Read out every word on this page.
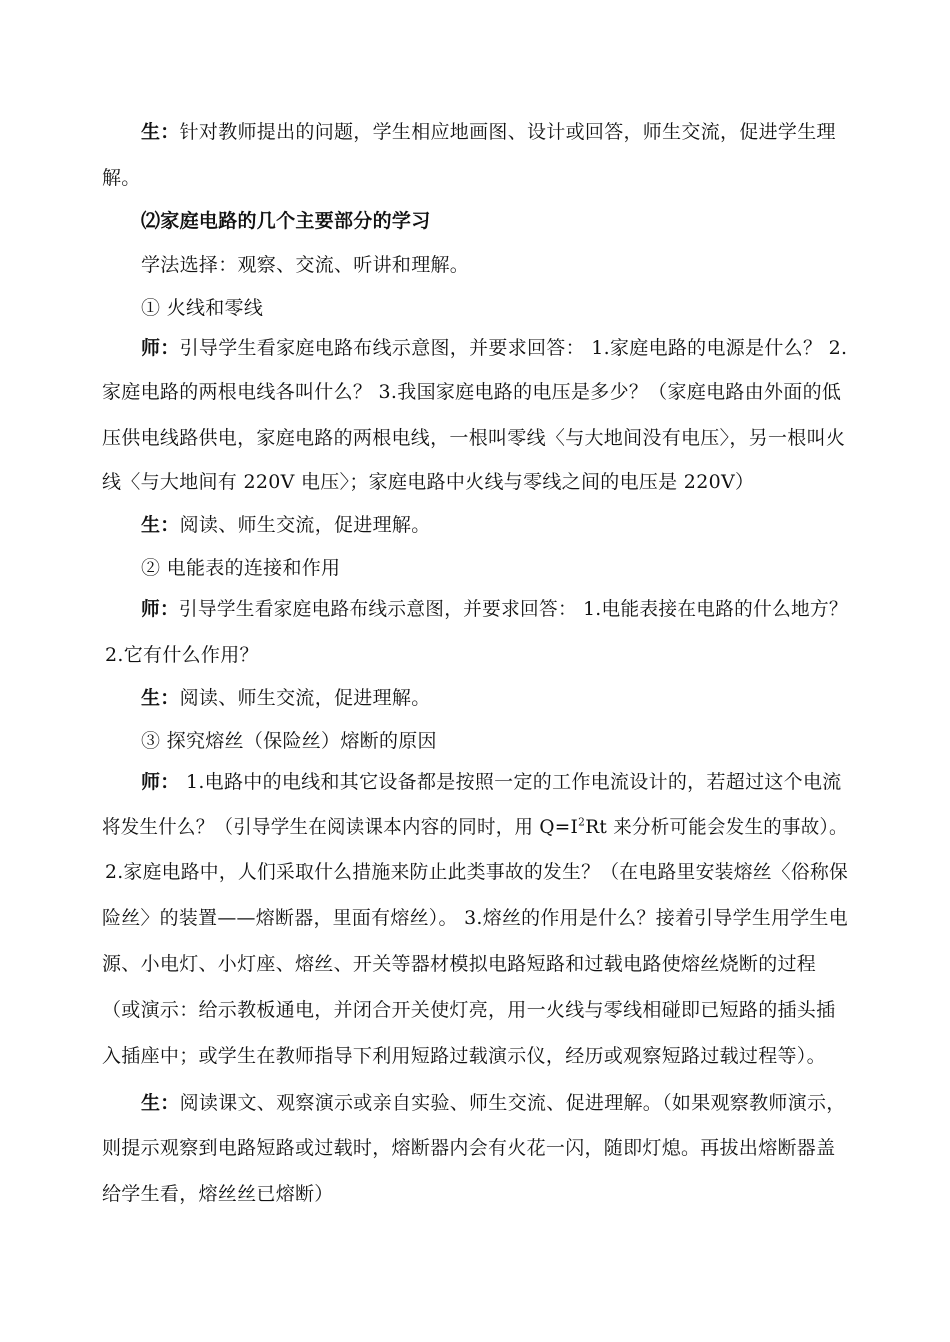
生：针对教师提出的问题，学生相应地画图、设计或回答，师生交流，促进学生理
解。
⑵家庭电路的几个主要部分的学习
学法选择：观察、交流、听讲和理解。
① 火线和零线
师：引导学生看家庭电路布线示意图，并要求回答： 1.家庭电路的电源是什么？ 2.
家庭电路的两根电线各叫什么？ 3.我国家庭电路的电压是多少？（家庭电路由外面的低
压供电线路供电，家庭电路的两根电线，一根叫零线〈与大地间没有电压〉，另一根叫火
线〈与大地间有 220V 电压〉；家庭电路中火线与零线之间的电压是 220V）
生：阅读、师生交流，促进理解。
② 电能表的连接和作用
师：引导学生看家庭电路布线示意图，并要求回答： 1.电能表接在电路的什么地方？
2.它有什么作用？
生：阅读、师生交流，促进理解。
③ 探究熔丝（保险丝）熔断的原因
师： 1.电路中的电线和其它设备都是按照一定的工作电流设计的，若超过这个电流
将发生什么？（引导学生在阅读课本内容的同时，用 $Q=I^2Rt$ 来分析可能会发生的事故）。
2.家庭电路中，人们采取什么措施来防止此类事故的发生？（在电路里安装熔丝〈俗称保
险丝〉的装置——熔断器，里面有熔丝）。 3.熔丝的作用是什么？接着引导学生用学生电
源、小电灯、小灯座、熔丝、开关等器材模拟电路短路和过载电路使熔丝烧断的过程
（或演示：给示教板通电，并闭合开关使灯亮，用一火线与零线相碰即已短路的插头插
入插座中；或学生在教师指导下利用短路过载演示仪，经历或观察短路过载过程等）。
生：阅读课文、观察演示或亲自实验、师生交流、促进理解。（如果观察教师演示，
则提示观察到电路短路或过载时，熔断器内会有火花一闪，随即灯熄。再拔出熔断器盖
给学生看，熔丝丝已熔断）
